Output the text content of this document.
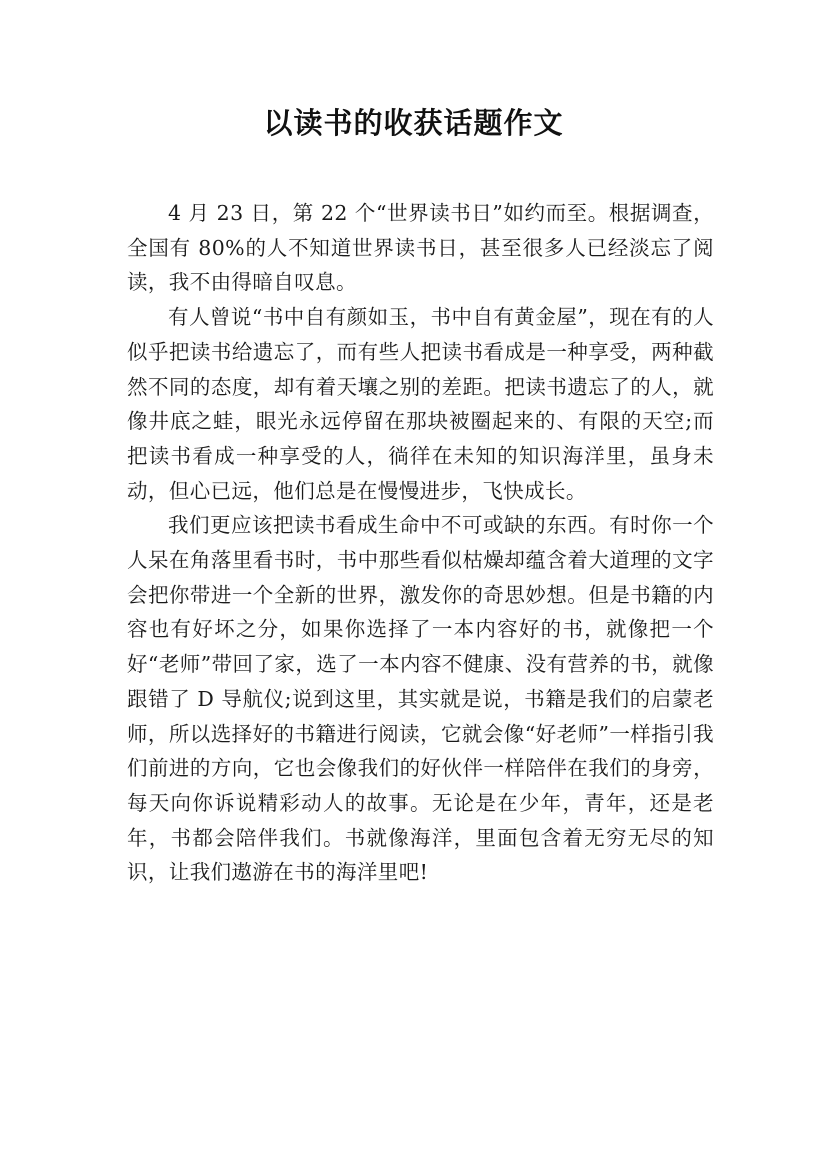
以读书的收获话题作文

4 月 23 日，第 22 个“世界读书日”如约而至。根据调查，全国有 80%的人不知道世界读书日，甚至很多人已经淡忘了阅读，我不由得暗自叹息。

有人曾说“书中自有颜如玉，书中自有黄金屋”，现在有的人似乎把读书给遗忘了，而有些人把读书看成是一种享受，两种截然不同的态度，却有着天壤之别的差距。把读书遗忘了的人，就像井底之蛙，眼光永远停留在那块被圈起来的、有限的天空;而把读书看成一种享受的人，徜徉在未知的知识海洋里，虽身未动，但心已远，他们总是在慢慢进步，飞快成长。

我们更应该把读书看成生命中不可或缺的东西。有时你一个人呆在角落里看书时，书中那些看似枯燥却蕴含着大道理的文字会把你带进一个全新的世界，激发你的奇思妙想。但是书籍的内容也有好坏之分，如果你选择了一本内容好的书，就像把一个好“老师”带回了家，选了一本内容不健康、没有营养的书，就像跟错了 D 导航仪;说到这里，其实就是说，书籍是我们的启蒙老师，所以选择好的书籍进行阅读，它就会像“好老师”一样指引我们前进的方向，它也会像我们的好伙伴一样陪伴在我们的身旁，每天向你诉说精彩动人的故事。无论是在少年，青年，还是老年，书都会陪伴我们。书就像海洋，里面包含着无穷无尽的知识，让我们遨游在书的海洋里吧!
